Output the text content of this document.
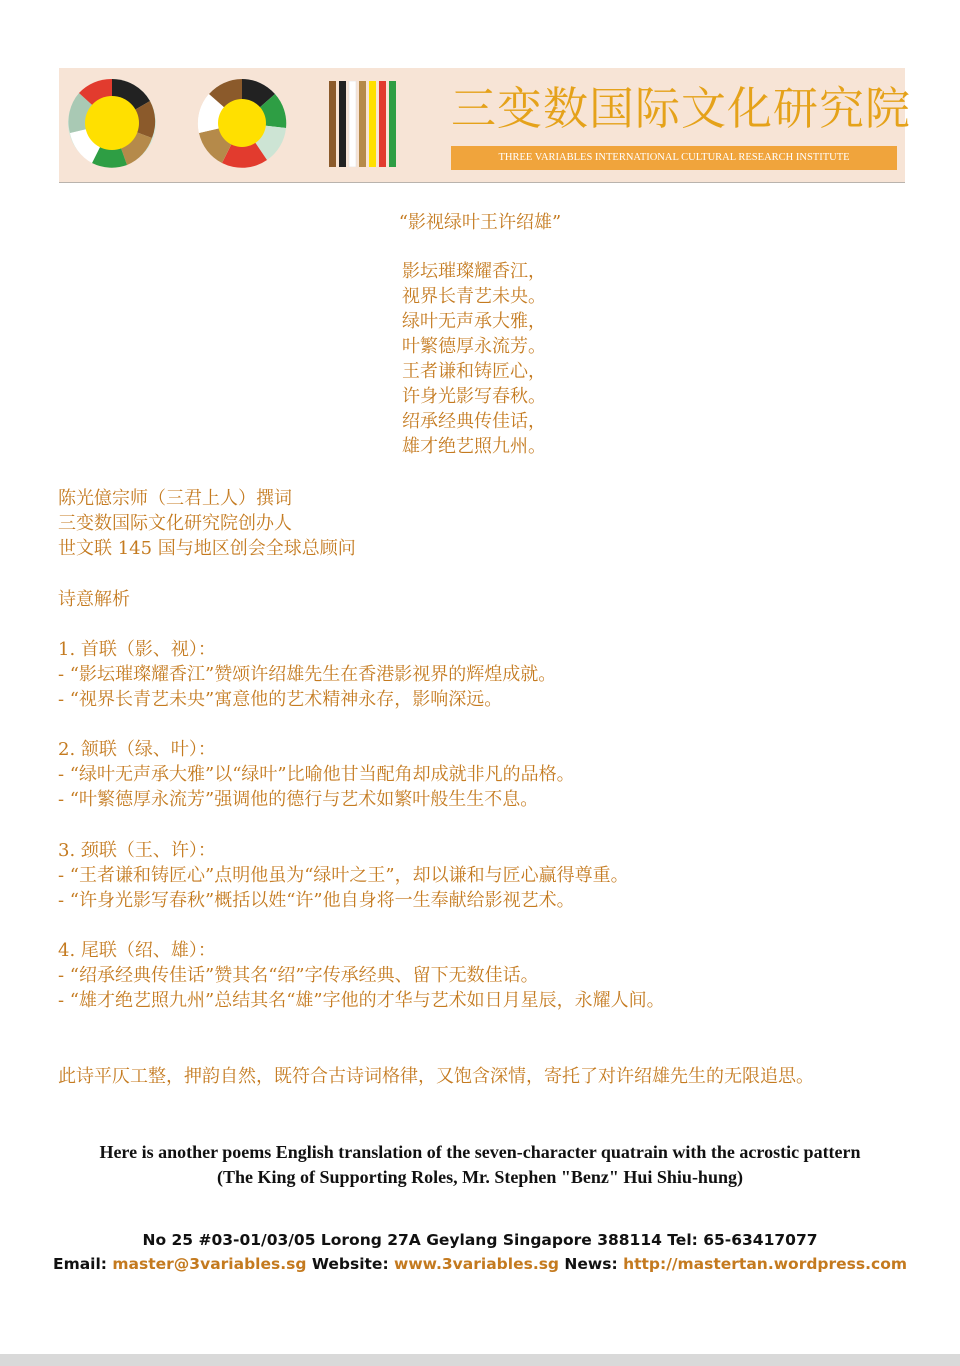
三变数国际文化研究院
THREE VARIABLES INTERNATIONAL CULTURAL RESEARCH INSTITUTE
“影视绿叶王许绍雄”
影坛璀璨耀香江，
视界长青艺未央。
绿叶无声承大雅，
叶繁德厚永流芳。
王者谦和铸匠心，
许身光影写春秋。
绍承经典传佳话，
雄才绝艺照九州。
陈光億宗师（三君上人）撰词
三变数国际文化研究院创办人
世文联 145 国与地区创会全球总顾问
诗意解析
1. 首联（影、视）：
- “影坛璀璨耀香江”赞颂许绍雄先生在香港影视界的辉煌成就。
- “视界长青艺未央”寓意他的艺术精神永存，影响深远。
2. 颔联（绿、叶）：
- “绿叶无声承大雅”以“绿叶”比喻他甘当配角却成就非凡的品格。
- “叶繁德厚永流芳”强调他的德行与艺术如繁叶般生生不息。
3. 颈联（王、许）：
- “王者谦和铸匠心”点明他虽为“绿叶之王”，却以谦和与匠心赢得尊重。
- “许身光影写春秋”概括以姓“许”他自身将一生奉献给影视艺术。
4. 尾联（绍、雄）：
- “绍承经典传佳话”赞其名“绍”字传承经典、留下无数佳话。
- “雄才绝艺照九州”总结其名“雄”字他的才华与艺术如日月星辰，永耀人间。
此诗平仄工整，押韵自然，既符合古诗词格律，又饱含深情，寄托了对许绍雄先生的无限追思。
Here is another poems English translation of the seven-character quatrain with the acrostic pattern
(The King of Supporting Roles, Mr. Stephen "Benz" Hui Shiu-hung)
No 25 #03-01/03/05 Lorong 27A Geylang Singapore 388114 Tel: 65-63417077
Email: master@3variables.sg Website: www.3variables.sg News: http://mastertan.wordpress.com
